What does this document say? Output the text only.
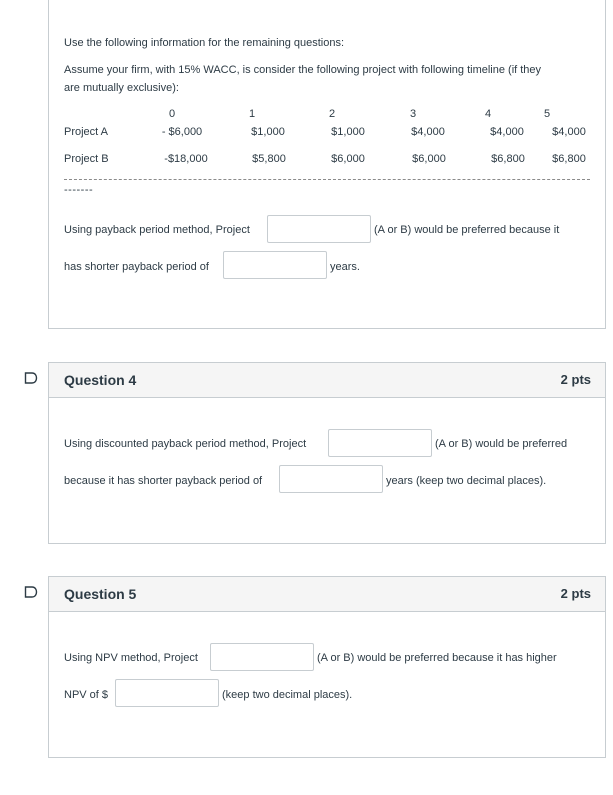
Use the following information for the remaining questions:
Assume your firm, with 15% WACC, is consider the following project with following timeline (if they
are mutually exclusive):
0	1	2	3	4	5
Project A	- $6,000	$1,000	$1,000	$4,000	$4,000	$4,000
Project B	-$18,000	$5,800	$6,000	$6,000	$6,800	$6,800
-------
Using payback period method, Project	(A or B) would be preferred because it
has shorter payback period of	years.
Question 4	2 pts
Using discounted payback period method, Project	(A or B) would be preferred
because it has shorter payback period of	years (keep two decimal places).
Question 5	2 pts
Using NPV method, Project	(A or B) would be preferred because it has higher
NPV of $	(keep two decimal places).
